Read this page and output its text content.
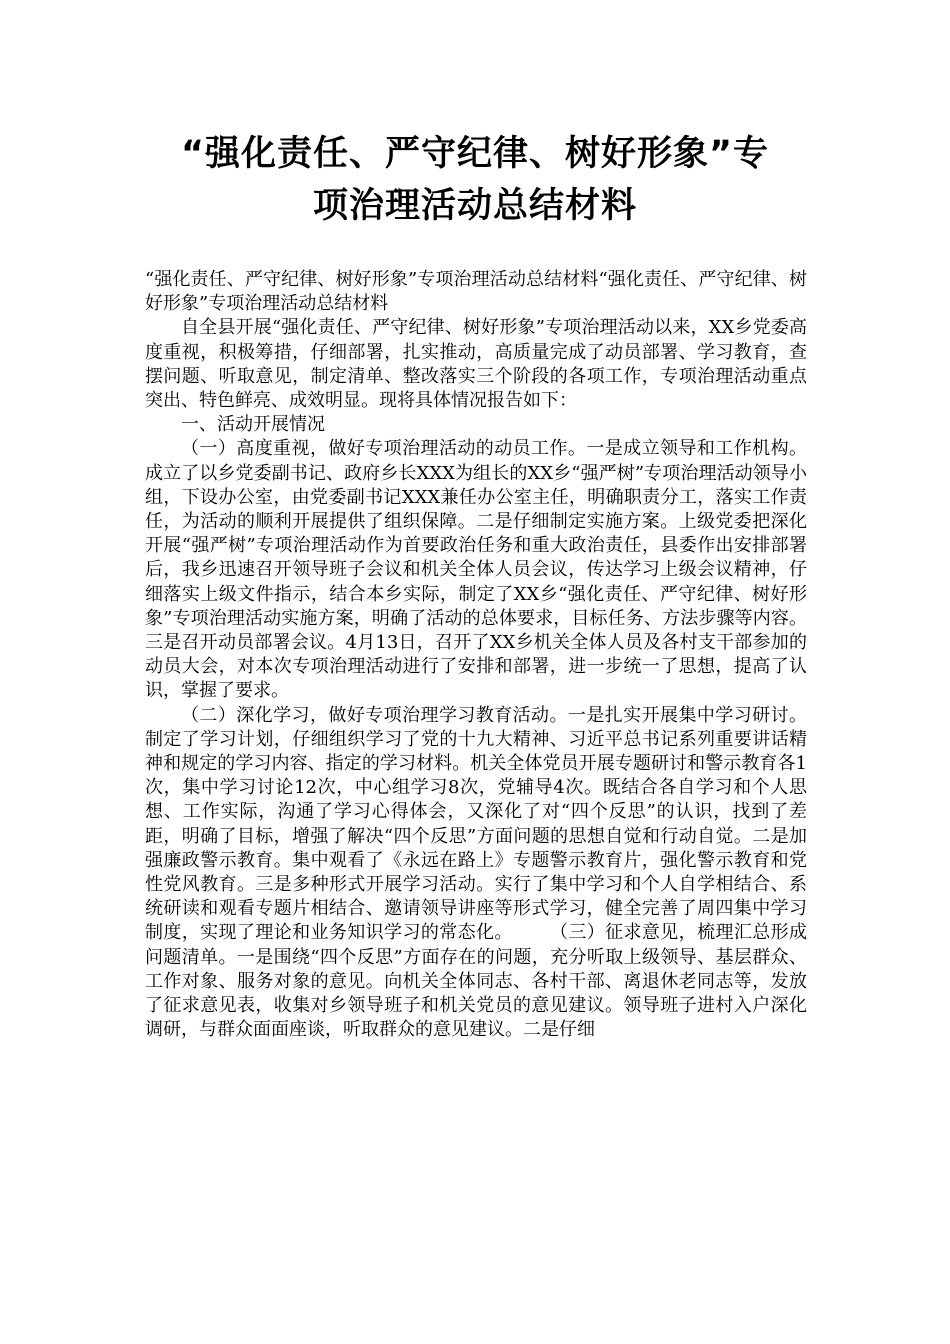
“强化责任、严守纪律、树好形象”专
项治理活动总结材料

“强化责任、严守纪律、树好形象”专项治理活动总结材料“强化责任、严守纪律、树好形象”专项治理活动总结材料

自全县开展“强化责任、严守纪律、树好形象”专项治理活动以来，XX乡党委高度重视，积极筹措，仔细部署，扎实推动，高质量完成了动员部署、学习教育，查摆问题、听取意见，制定清单、整改落实三个阶段的各项工作，专项治理活动重点突出、特色鲜亮、成效明显。现将具体情况报告如下：

一、活动开展情况

（一）高度重视，做好专项治理活动的动员工作。一是成立领导和工作机构。成立了以乡党委副书记、政府乡长XXX为组长的XX乡“强严树”专项治理活动领导小组，下设办公室，由党委副书记XXX兼任办公室主任，明确职责分工，落实工作责任，为活动的顺利开展提供了组织保障。二是仔细制定实施方案。上级党委把深化开展“强严树”专项治理活动作为首要政治任务和重大政治责任，县委作出安排部署后，我乡迅速召开领导班子会议和机关全体人员会议，传达学习上级会议精神，仔细落实上级文件指示，结合本乡实际，制定了XX乡“强化责任、严守纪律、树好形象”专项治理活动实施方案，明确了活动的总体要求，目标任务、方法步骤等内容。三是召开动员部署会议。4月13日，召开了XX乡机关全体人员及各村支干部参加的动员大会，对本次专项治理活动进行了安排和部署，进一步统一了思想，提高了认识，掌握了要求。

（二）深化学习，做好专项治理学习教育活动。一是扎实开展集中学习研讨。制定了学习计划，仔细组织学习了党的十九大精神、习近平总书记系列重要讲话精神和规定的学习内容、指定的学习材料。机关全体党员开展专题研讨和警示教育各1次，集中学习讨论12次，中心组学习8次，党辅导4次。既结合各自学习和个人思想、工作实际，沟通了学习心得体会，又深化了对“四个反思”的认识，找到了差距，明确了目标，增强了解决“四个反思”方面问题的思想自觉和行动自觉。二是加强廉政警示教育。集中观看了《永远在路上》专题警示教育片，强化警示教育和党性党风教育。三是多种形式开展学习活动。实行了集中学习和个人自学相结合、系统研读和观看专题片相结合、邀请领导讲座等形式学习，健全完善了周四集中学习制度，实现了理论和业务知识学习的常态化。　　　（三）征求意见，梳理汇总形成问题清单。一是围绕“四个反思”方面存在的问题，充分听取上级领导、基层群众、工作对象、服务对象的意见。向机关全体同志、各村干部、离退休老同志等，发放了征求意见表，收集对乡领导班子和机关党员的意见建议。领导班子进村入户深化调研，与群众面面座谈，听取群众的意见建议。二是仔细
